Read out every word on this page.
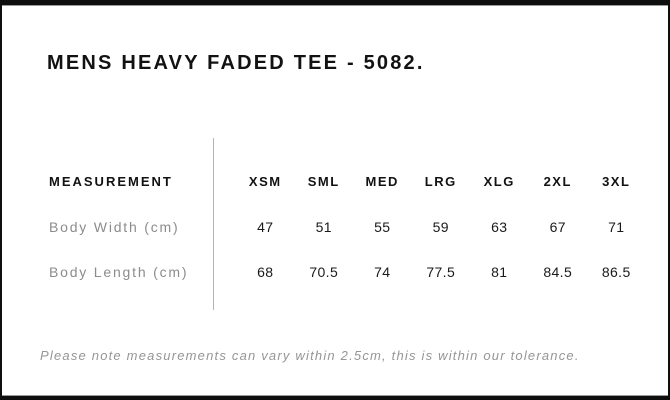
MENS HEAVY FADED TEE - 5082.
MEASUREMENT	XSM	SML	MED	LRG	XLG	2XL	3XL
Body Width (cm)	47	51	55	59	63	67	71
Body Length (cm)	68	70.5	74	77.5	81	84.5	86.5

Please note measurements can vary within 2.5cm, this is within our tolerance.
